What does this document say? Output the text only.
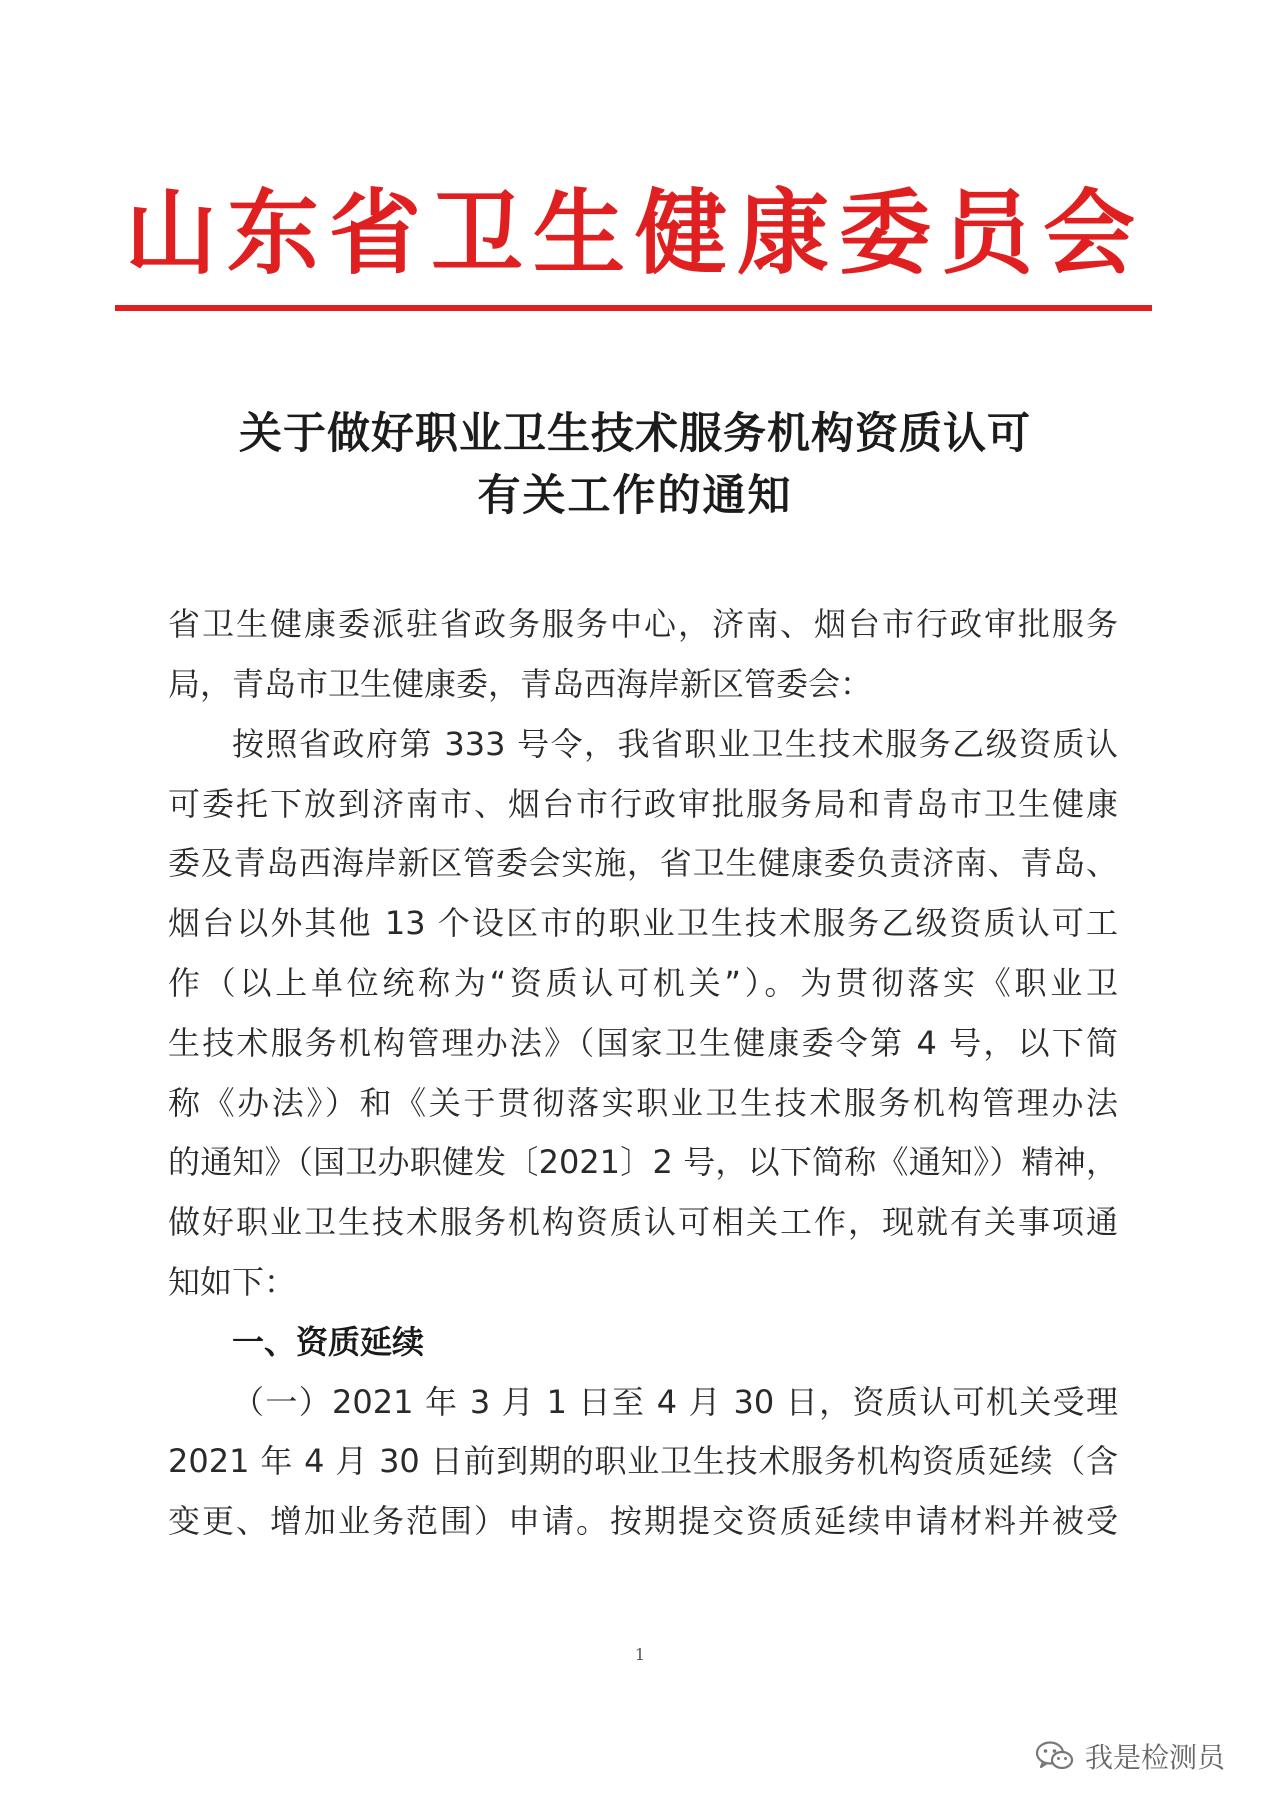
山东省卫生健康委员会
关于做好职业卫生技术服务机构资质认可
有关工作的通知
省卫生健康委派驻省政务服务中心，济南、烟台市行政审批服务
局，青岛市卫生健康委，青岛西海岸新区管委会：
按照省政府第 333 号令，我省职业卫生技术服务乙级资质认
可委托下放到济南市、烟台市行政审批服务局和青岛市卫生健康
委及青岛西海岸新区管委会实施，省卫生健康委负责济南、青岛、
烟台以外其他 13 个设区市的职业卫生技术服务乙级资质认可工
作（以上单位统称为“资质认可机关”）。为贯彻落实《职业卫
生技术服务机构管理办法》（国家卫生健康委令第 4 号，以下简
称《办法》）和《关于贯彻落实职业卫生技术服务机构管理办法
的通知》（国卫办职健发〔2021〕2 号，以下简称《通知》）精神，
做好职业卫生技术服务机构资质认可相关工作，现就有关事项通
知如下：
一、资质延续
（一）2021 年 3 月 1 日至 4 月 30 日，资质认可机关受理
2021 年 4 月 30 日前到期的职业卫生技术服务机构资质延续（含
变更、增加业务范围）申请。按期提交资质延续申请材料并被受
1
我是检测员
